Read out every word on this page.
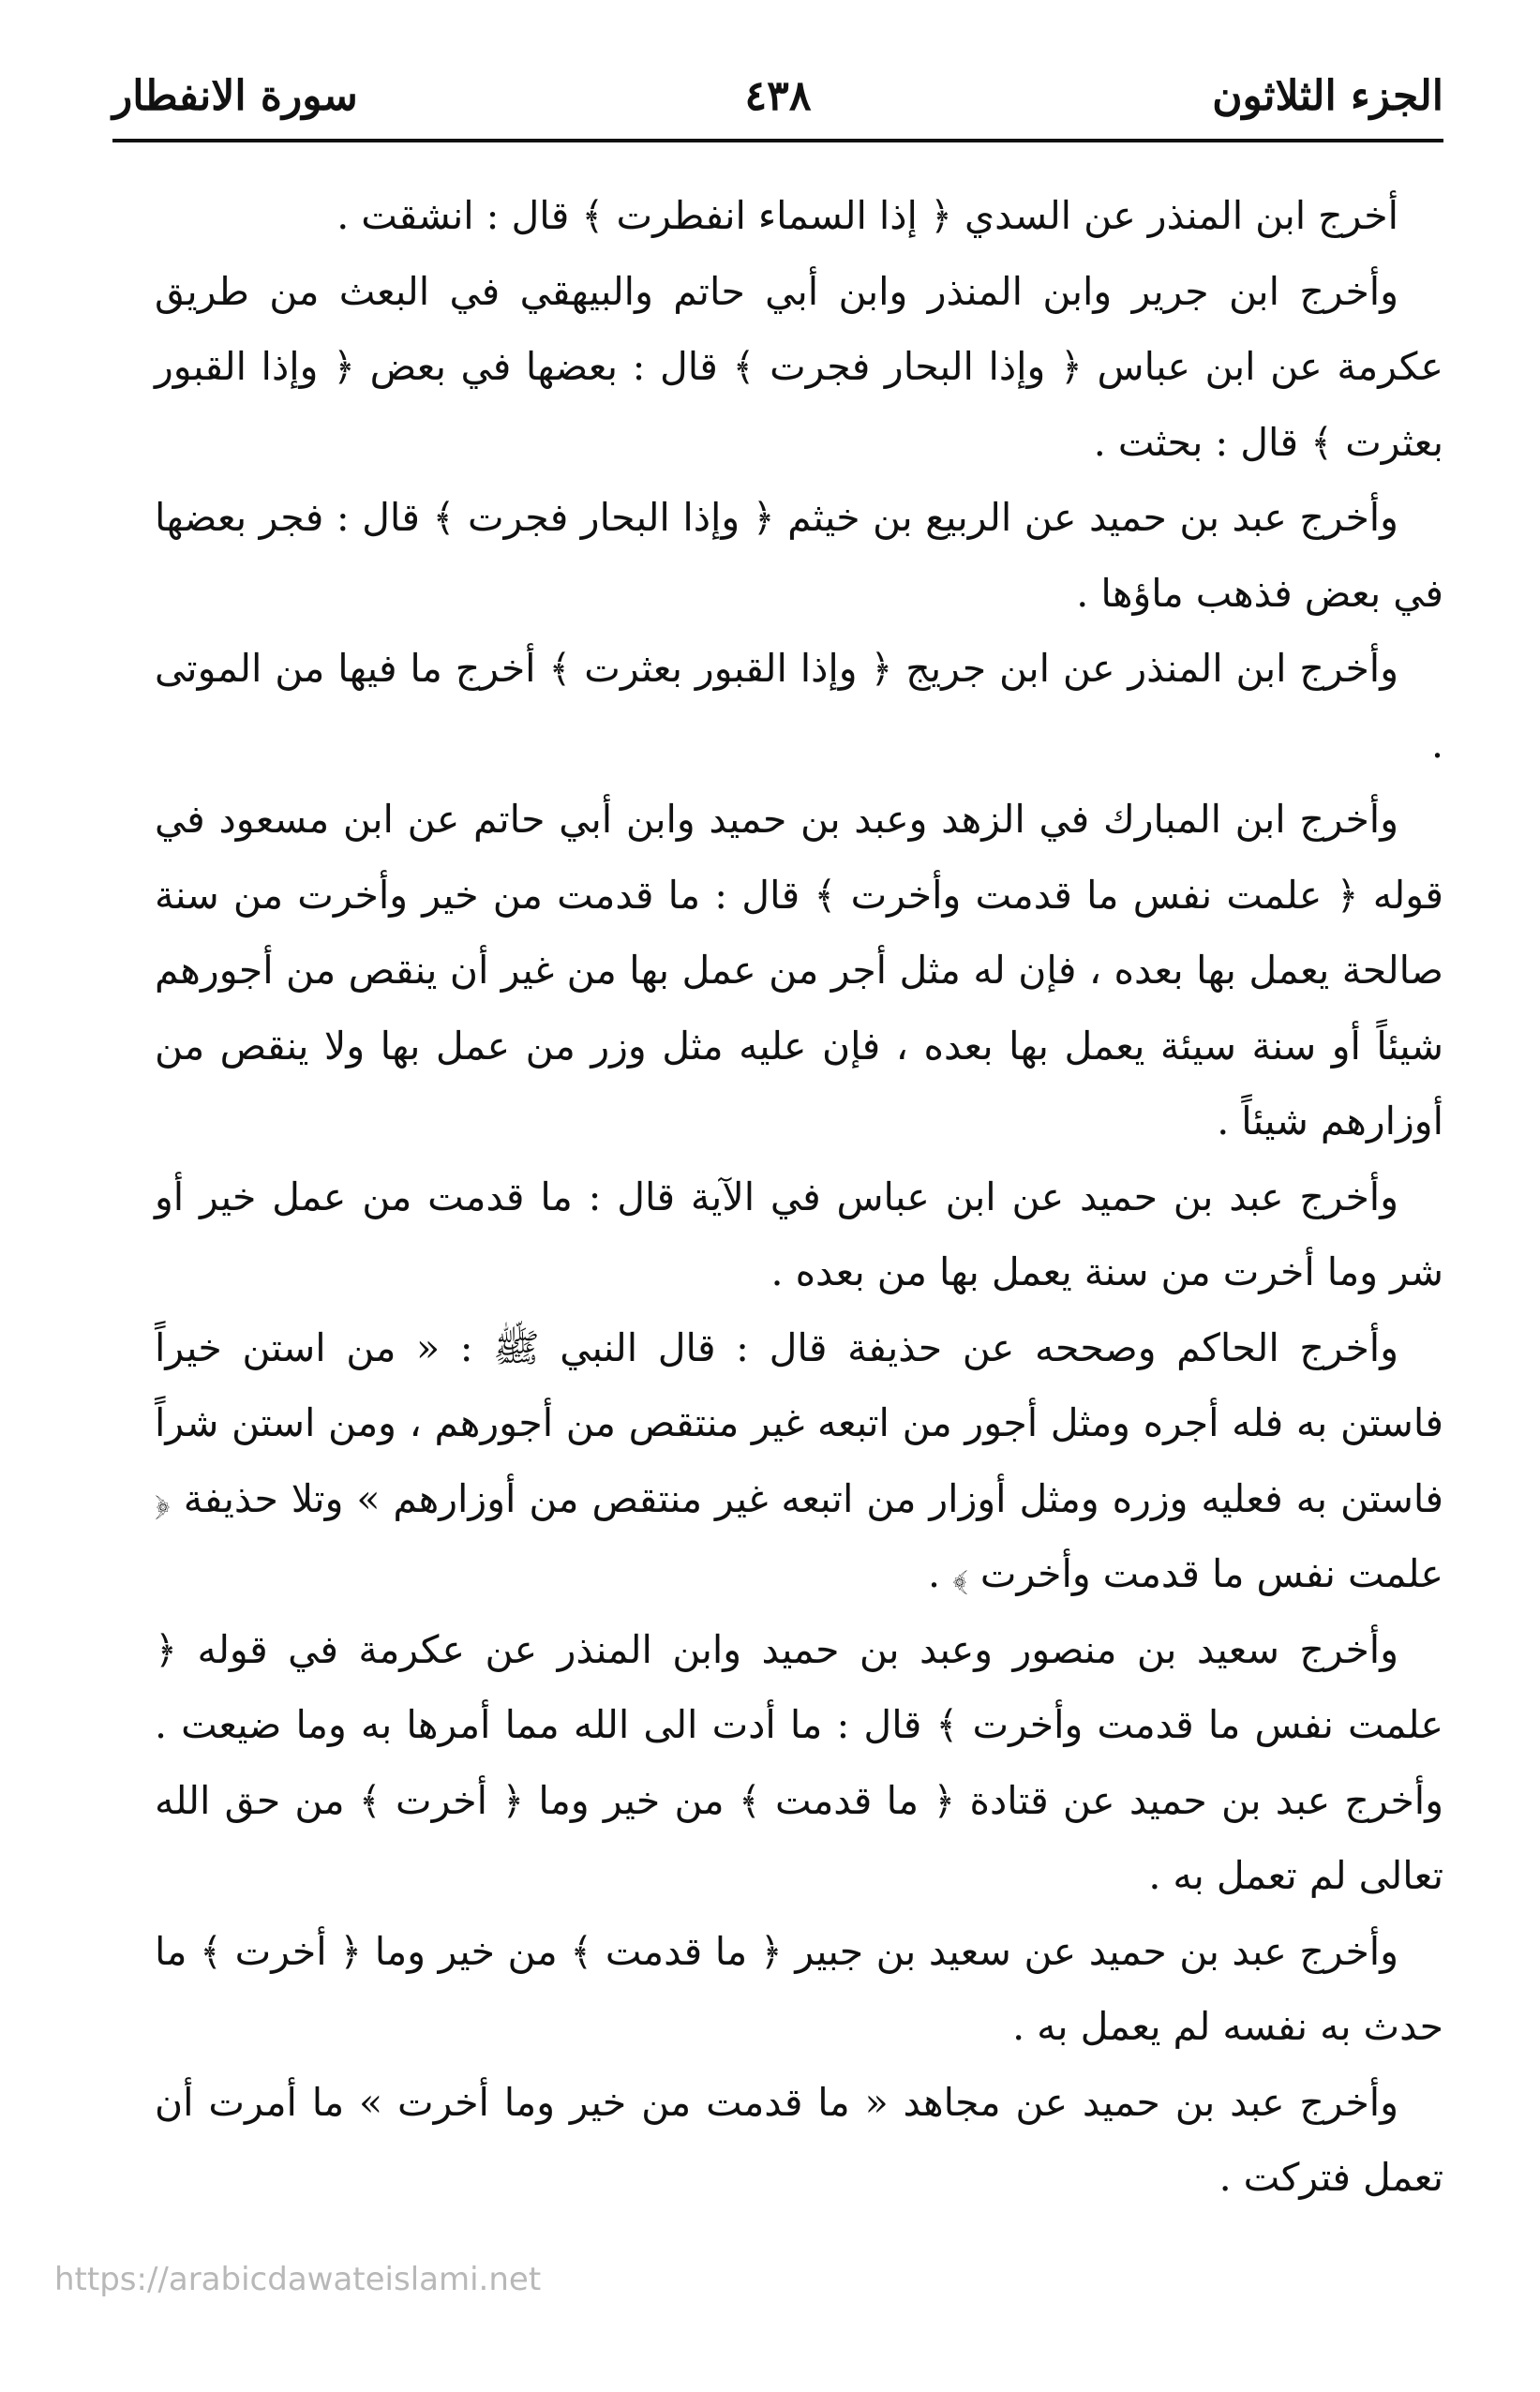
الجزء الثلاثون
٤٣٨
سورة الانفطار

أخرج ابن المنذر عن السدي ﴿ إذا السماء انفطرت ﴾ قال : انشقت .

وأخرج ابن جرير وابن المنذر وابن أبي حاتم والبيهقي في البعث من طريق عكرمة عن ابن عباس ﴿ وإذا البحار فجرت ﴾ قال : بعضها في بعض ﴿ وإذا القبور بعثرت ﴾ قال : بحثت .

وأخرج عبد بن حميد عن الربيع بن خيثم ﴿ وإذا البحار فجرت ﴾ قال : فجر بعضها في بعض فذهب ماؤها .

وأخرج ابن المنذر عن ابن جريج ﴿ وإذا القبور بعثرت ﴾ أخرج ما فيها من الموتى .

وأخرج ابن المبارك في الزهد وعبد بن حميد وابن أبي حاتم عن ابن مسعود في قوله ﴿ علمت نفس ما قدمت وأخرت ﴾ قال : ما قدمت من خير وأخرت من سنة صالحة يعمل بها بعده ، فإن له مثل أجر من عمل بها من غير أن ينقص من أجورهم شيئاً أو سنة سيئة يعمل بها بعده ، فإن عليه مثل وزر من عمل بها ولا ينقص من أوزارهم شيئاً .

وأخرج عبد بن حميد عن ابن عباس في الآية قال : ما قدمت من عمل خير أو شر وما أخرت من سنة يعمل بها من بعده .

وأخرج الحاكم وصححه عن حذيفة قال : قال النبي ﷺ : « من استن خيراً فاستن به فله أجره ومثل أجور من اتبعه غير منتقص من أجورهم ، ومن استن شراً فاستن به فعليه وزره ومثل أوزار من اتبعه غير منتقص من أوزارهم » وتلا حذيفة ﴿ علمت نفس ما قدمت وأخرت ﴾ .

وأخرج سعيد بن منصور وعبد بن حميد وابن المنذر عن عكرمة في قوله ﴿ علمت نفس ما قدمت وأخرت ﴾ قال : ما أدت الى الله مما أمرها به وما ضيعت . وأخرج عبد بن حميد عن قتادة ﴿ ما قدمت ﴾ من خير وما ﴿ أخرت ﴾ من حق الله تعالى لم تعمل به .

وأخرج عبد بن حميد عن سعيد بن جبير ﴿ ما قدمت ﴾ من خير وما ﴿ أخرت ﴾ ما حدث به نفسه لم يعمل به .

وأخرج عبد بن حميد عن مجاهد « ما قدمت من خير وما أخرت » ما أمرت أن تعمل فتركت .

https://arabicdawateislami.net
